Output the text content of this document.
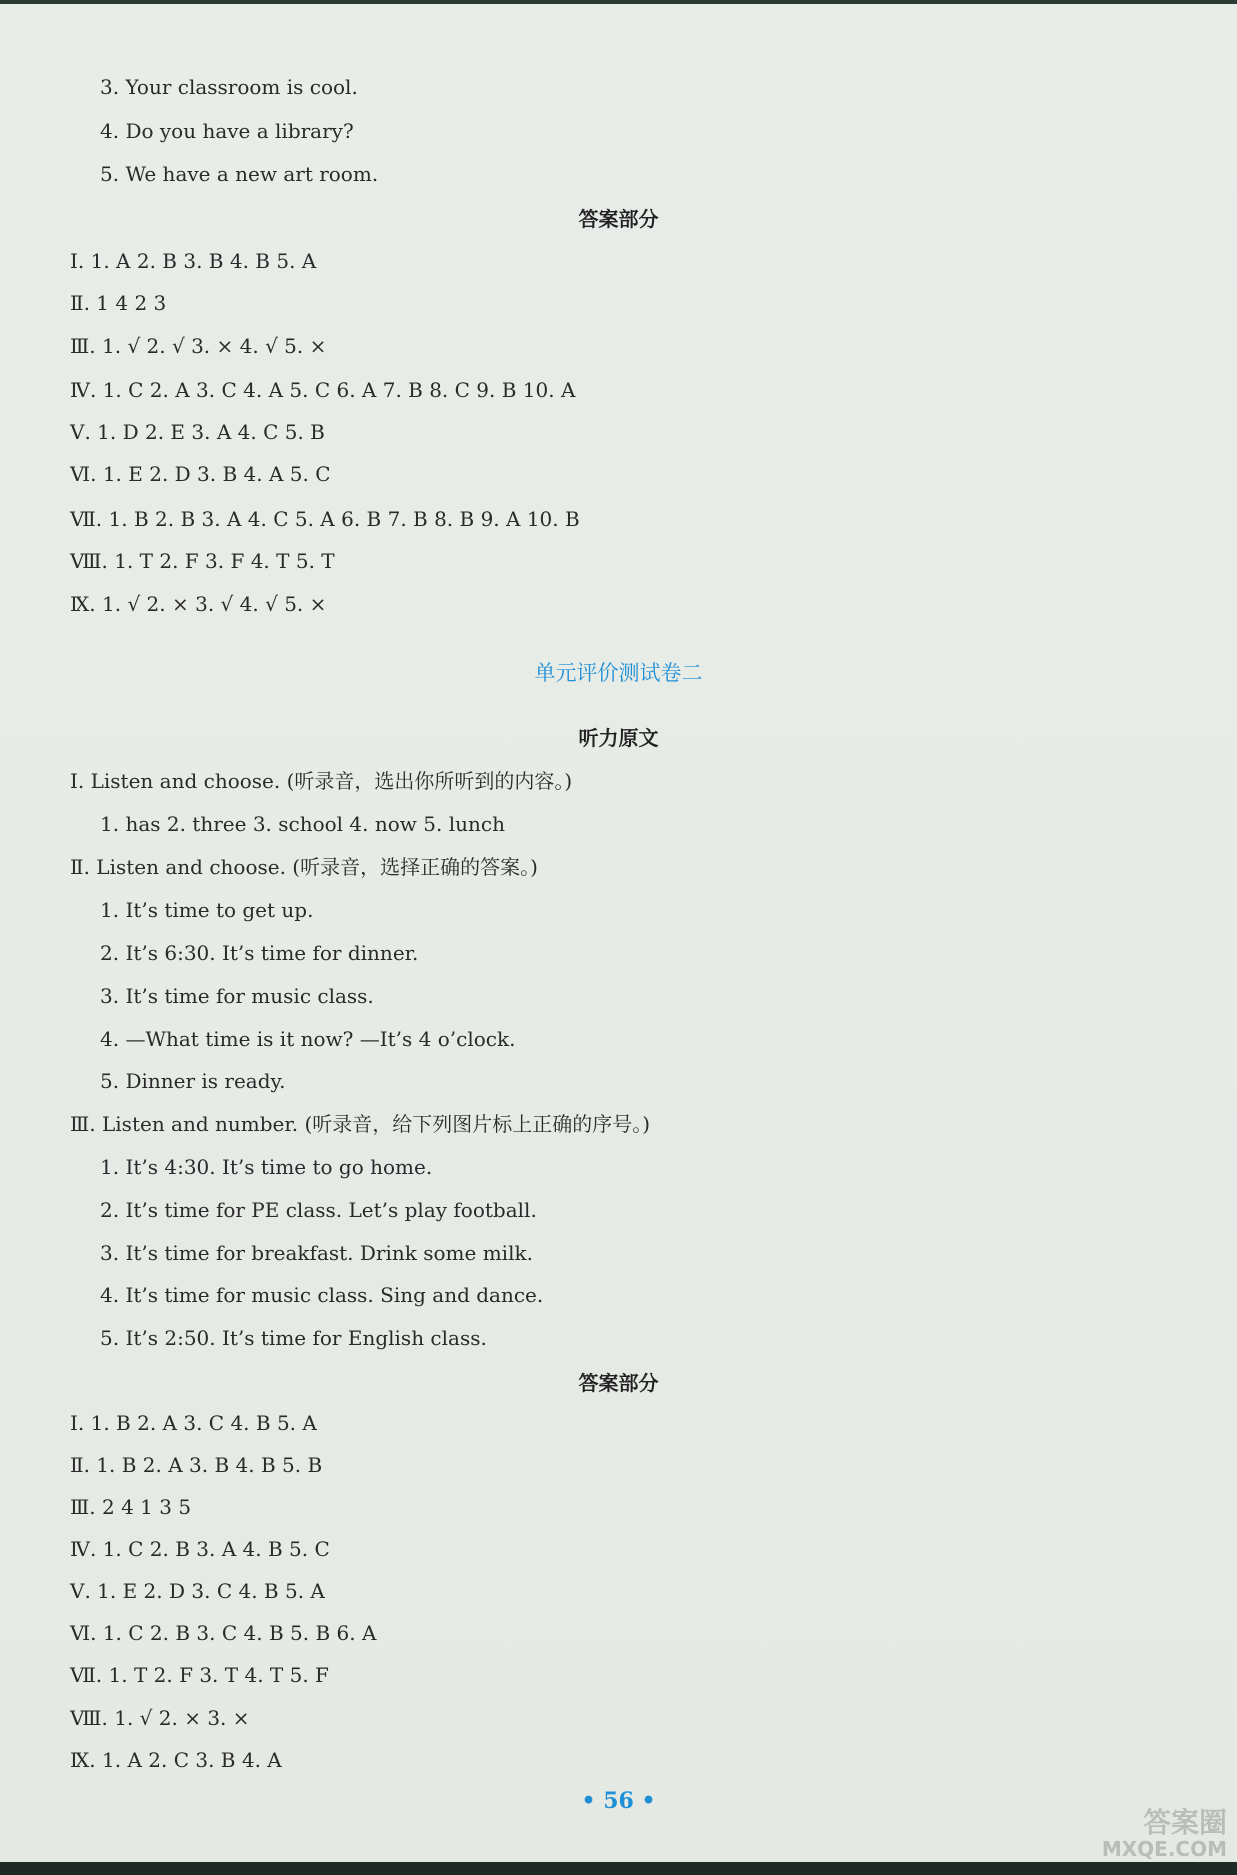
3. Your classroom is cool.
4. Do you have a library?
5. We have a new art room.
答案部分
Ⅰ. 1. A 2. B 3. B 4. B 5. A
Ⅱ. 1 4 2 3
Ⅲ. 1. √ 2. √ 3. × 4. √ 5. ×
Ⅳ. 1. C 2. A 3. C 4. A 5. C 6. A 7. B 8. C 9. B 10. A
Ⅴ. 1. D 2. E 3. A 4. C 5. B
Ⅵ. 1. E 2. D 3. B 4. A 5. C
Ⅶ. 1. B 2. B 3. A 4. C 5. A 6. B 7. B 8. B 9. A 10. B
Ⅷ. 1. T 2. F 3. F 4. T 5. T
Ⅸ. 1. √ 2. × 3. √ 4. √ 5. ×
单元评价测试卷二
听力原文
Ⅰ. Listen and choose. (听录音，选出你所听到的内容。)
1. has 2. three 3. school 4. now 5. lunch
Ⅱ. Listen and choose. (听录音，选择正确的答案。)
1. It’s time to get up.
2. It’s 6:30. It’s time for dinner.
3. It’s time for music class.
4. —What time is it now? —It’s 4 o’clock.
5. Dinner is ready.
Ⅲ. Listen and number. (听录音，给下列图片标上正确的序号。)
1. It’s 4:30. It’s time to go home.
2. It’s time for PE class. Let’s play football.
3. It’s time for breakfast. Drink some milk.
4. It’s time for music class. Sing and dance.
5. It’s 2:50. It’s time for English class.
答案部分
Ⅰ. 1. B 2. A 3. C 4. B 5. A
Ⅱ. 1. B 2. A 3. B 4. B 5. B
Ⅲ. 2 4 1 3 5
Ⅳ. 1. C 2. B 3. A 4. B 5. C
Ⅴ. 1. E 2. D 3. C 4. B 5. A
Ⅵ. 1. C 2. B 3. C 4. B 5. B 6. A
Ⅶ. 1. T 2. F 3. T 4. T 5. F
Ⅷ. 1. √ 2. × 3. ×
Ⅸ. 1. A 2. C 3. B 4. A
• 56 •
答案圈
MXQE.COM
